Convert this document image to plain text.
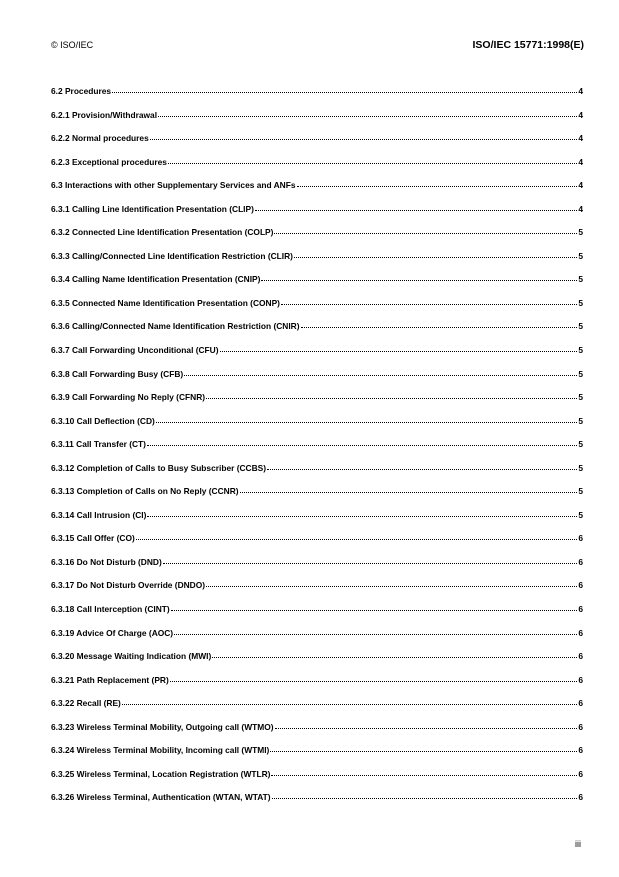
© ISO/IEC	ISO/IEC 15771:1998(E)
6.2 Procedures	4
6.2.1 Provision/Withdrawal	4
6.2.2 Normal procedures	4
6.2.3 Exceptional procedures	4
6.3 Interactions with other Supplementary Services and ANFs	4
6.3.1 Calling Line Identification Presentation (CLIP)	4
6.3.2 Connected Line Identification Presentation (COLP)	5
6.3.3 Calling/Connected Line Identification Restriction (CLIR)	5
6.3.4 Calling Name Identification Presentation (CNIP)	5
6.3.5 Connected Name Identification Presentation (CONP)	5
6.3.6 Calling/Connected Name Identification Restriction (CNIR)	5
6.3.7 Call Forwarding Unconditional (CFU)	5
6.3.8 Call Forwarding Busy (CFB)	5
6.3.9 Call Forwarding No Reply (CFNR)	5
6.3.10 Call Deflection (CD)	5
6.3.11 Call Transfer (CT)	5
6.3.12 Completion of Calls to Busy Subscriber (CCBS)	5
6.3.13 Completion of Calls on No Reply (CCNR)	5
6.3.14 Call Intrusion (CI)	5
6.3.15 Call Offer (CO)	6
6.3.16 Do Not Disturb (DND)	6
6.3.17 Do Not Disturb Override (DNDO)	6
6.3.18 Call Interception (CINT)	6
6.3.19 Advice Of Charge (AOC)	6
6.3.20 Message Waiting Indication (MWI)	6
6.3.21 Path Replacement (PR)	6
6.3.22 Recall (RE)	6
6.3.23 Wireless Terminal Mobility, Outgoing call (WTMO)	6
6.3.24 Wireless Terminal Mobility, Incoming call (WTMI)	6
6.3.25 Wireless Terminal, Location Registration (WTLR)	6
6.3.26 Wireless Terminal, Authentication (WTAN, WTAT)	6
iii
